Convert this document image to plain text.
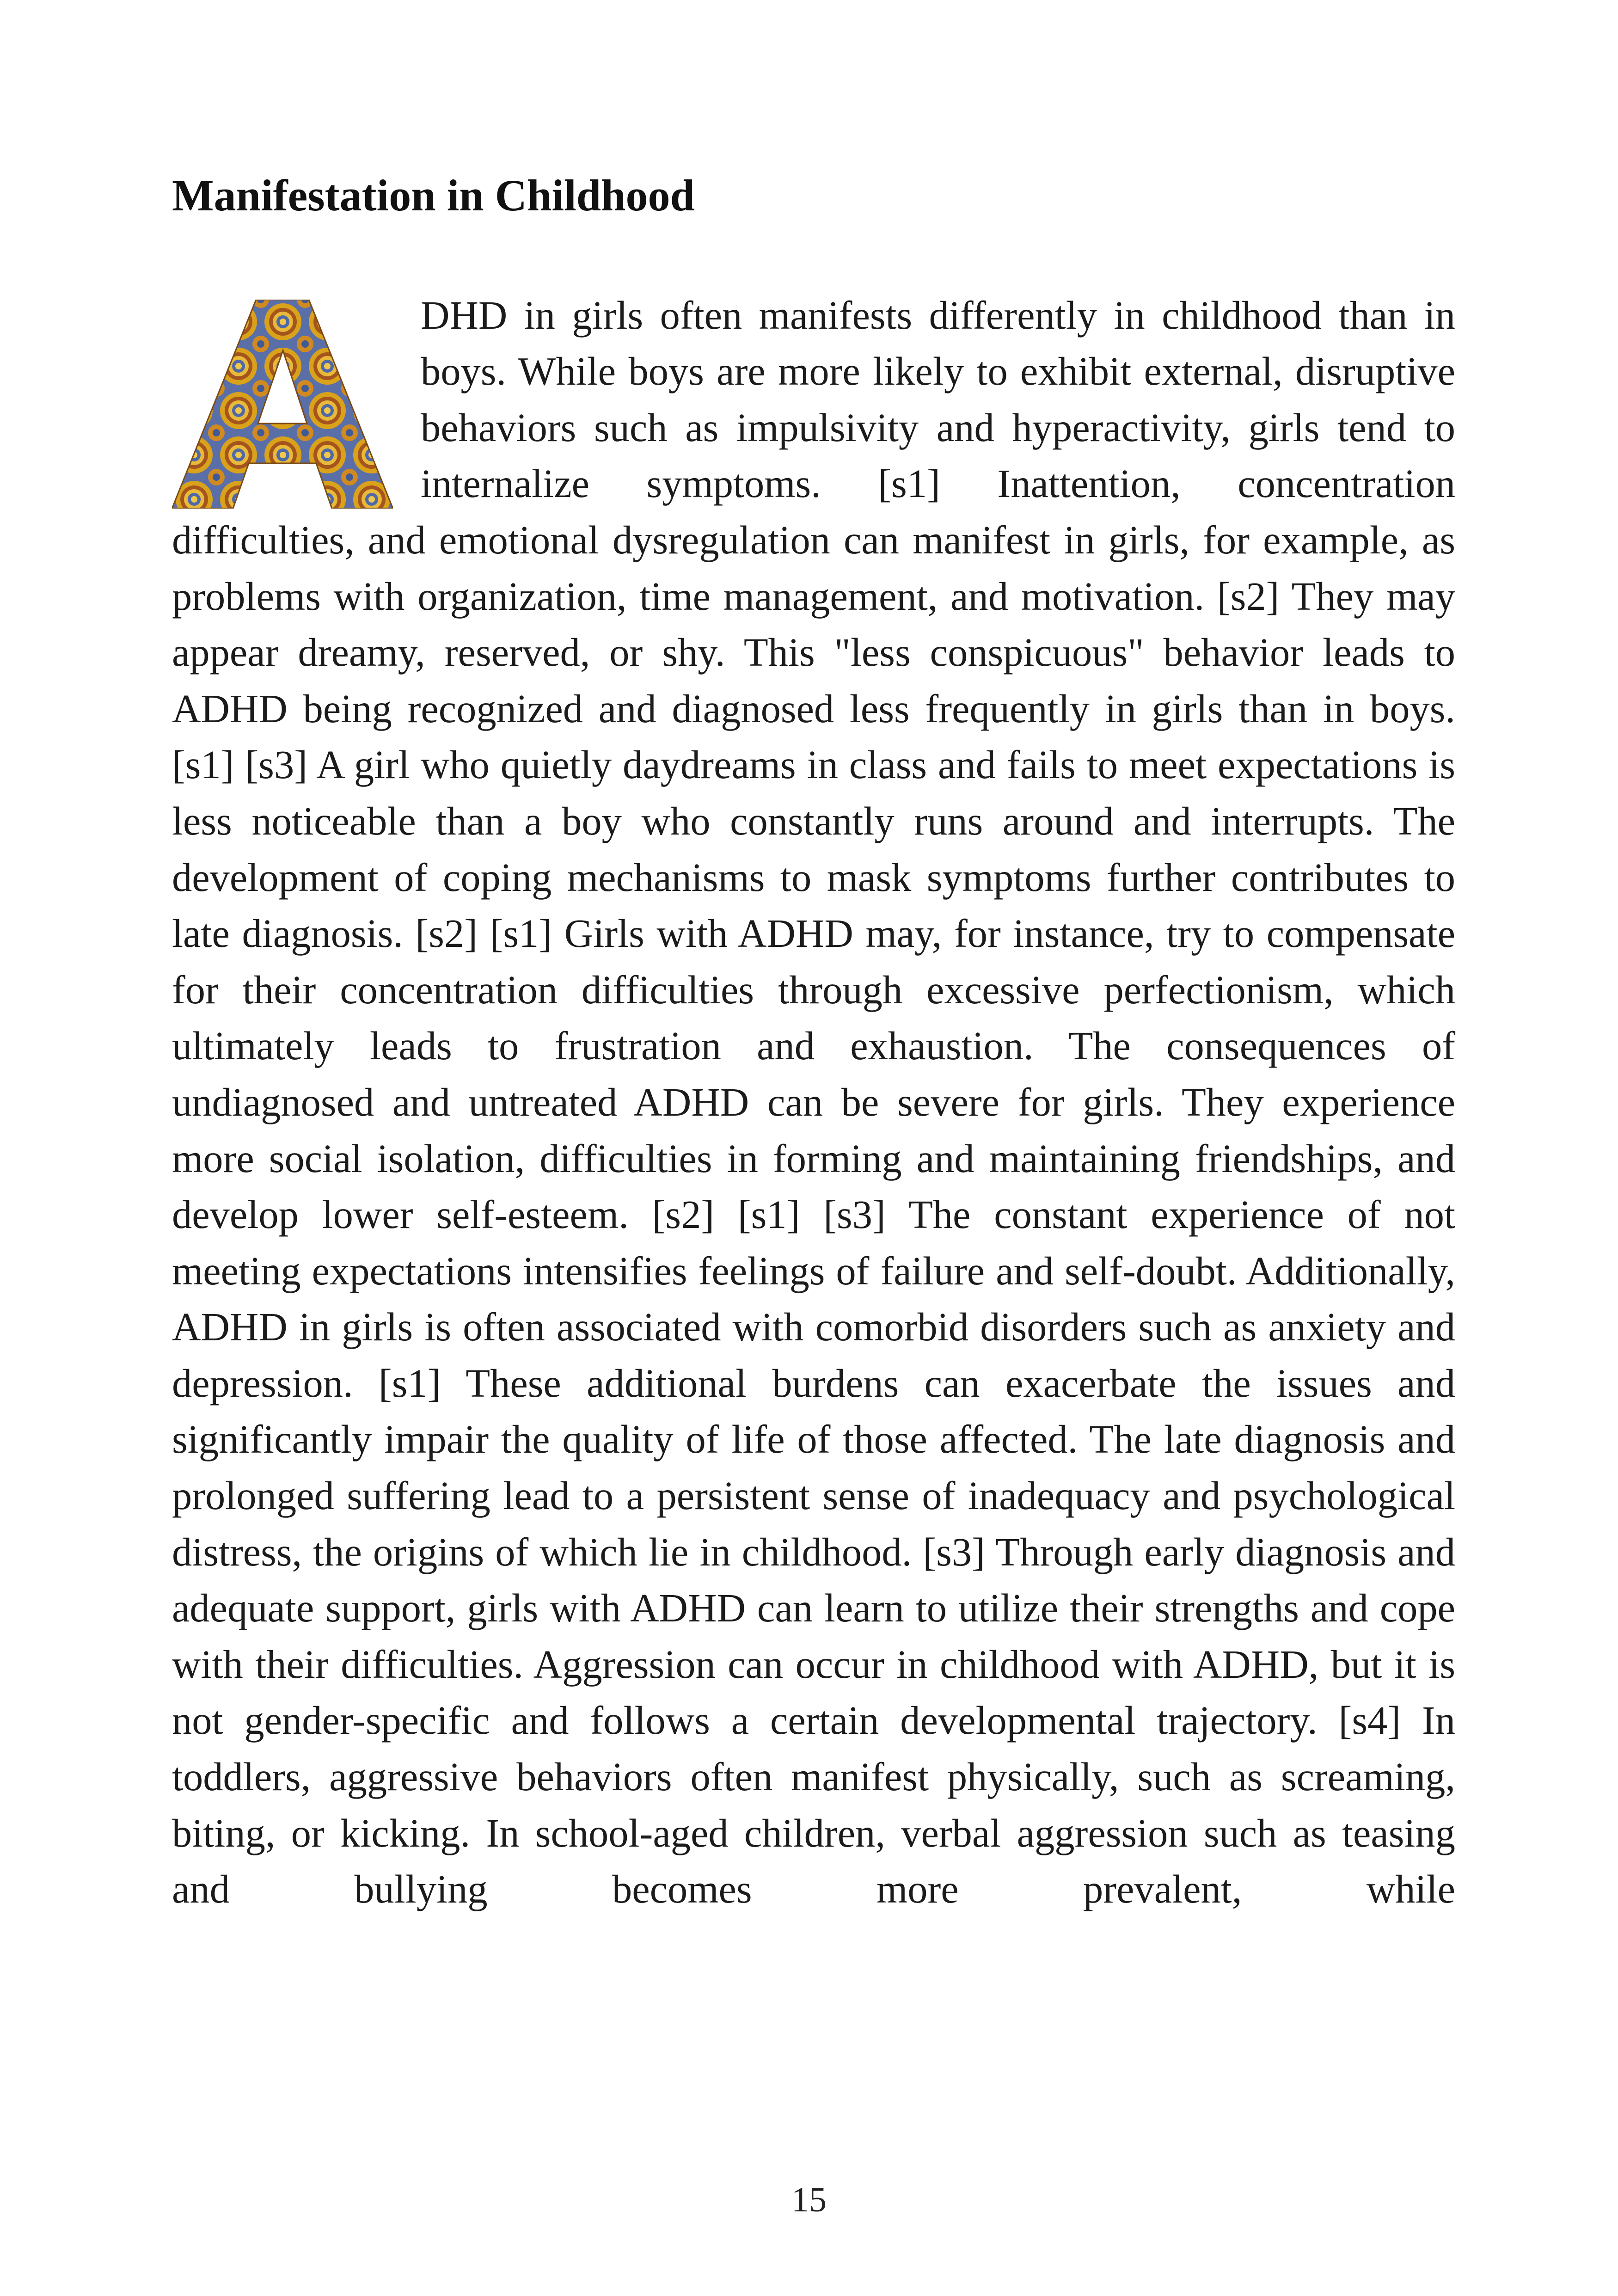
Manifestation in Childhood

DHD in girls often manifests differently in childhood than in boys. While boys are more likely to exhibit external, disruptive behaviors such as impulsivity and hyperactivity, girls tend to internalize symptoms. [s1] Inattention, concentration difficulties, and emotional dysregulation can manifest in girls, for example, as problems with organization, time management, and motivation. [s2] They may appear dreamy, reserved, or shy. This "less conspicuous" behavior leads to ADHD being recognized and diagnosed less frequently in girls than in boys. [s1] [s3] A girl who quietly daydreams in class and fails to meet expectations is less noticeable than a boy who constantly runs around and interrupts. The development of coping mechanisms to mask symptoms further contributes to late diagnosis. [s2] [s1] Girls with ADHD may, for instance, try to compensate for their concentration difficulties through excessive perfectionism, which ultimately leads to frustration and exhaustion. The consequences of undiagnosed and untreated ADHD can be severe for girls. They experience more social isolation, difficulties in forming and maintaining friendships, and develop lower self-esteem. [s2] [s1] [s3] The constant experience of not meeting expectations intensifies feelings of failure and self-doubt. Additionally, ADHD in girls is often associated with comorbid disorders such as anxiety and depression. [s1] These additional burdens can exacerbate the issues and significantly impair the quality of life of those affected. The late diagnosis and prolonged suffering lead to a persistent sense of inadequacy and psychological distress, the origins of which lie in childhood. [s3] Through early diagnosis and adequate support, girls with ADHD can learn to utilize their strengths and cope with their difficulties. Aggression can occur in childhood with ADHD, but it is not gender-specific and follows a certain developmental trajectory. [s4] In toddlers, aggressive behaviors often manifest physically, such as screaming, biting, or kicking. In school-aged children, verbal aggression such as teasing and bullying becomes more prevalent, while

15
